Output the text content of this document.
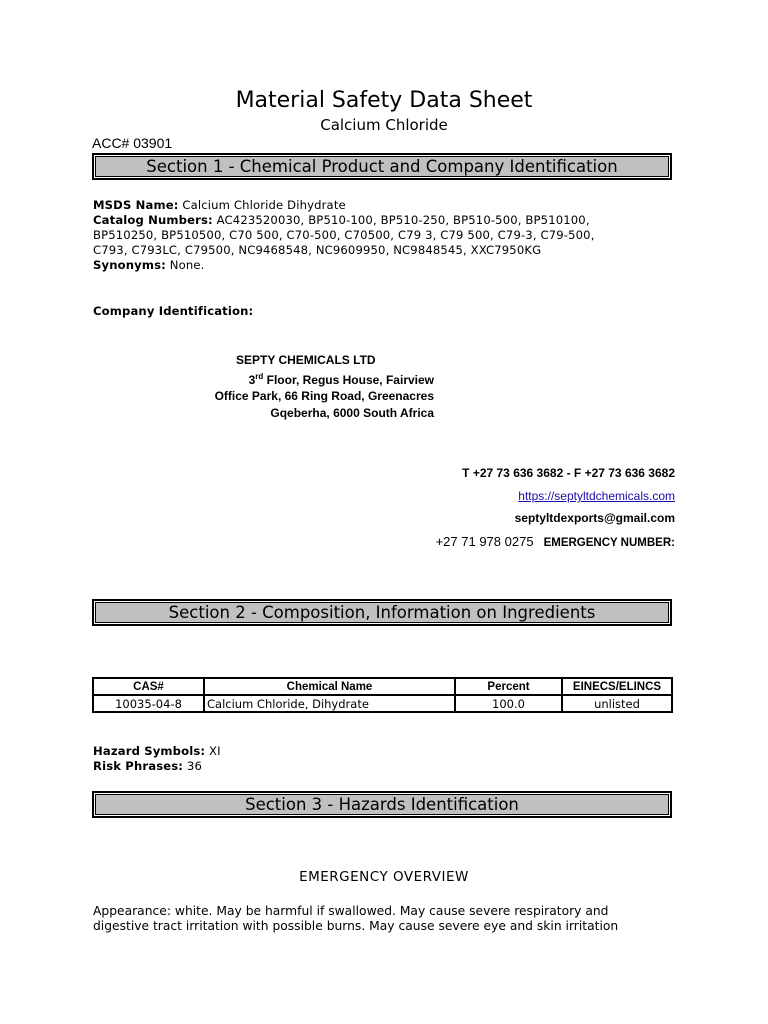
Material Safety Data Sheet
Calcium Chloride
ACC# 03901
Section 1 - Chemical Product and Company Identification
MSDS Name: Calcium Chloride Dihydrate
Catalog Numbers: AC423520030, BP510-100, BP510-250, BP510-500, BP510100,
BP510250, BP510500, C70 500, C70-500, C70500, C79 3, C79 500, C79-3, C79-500,
C793, C793LC, C79500, NC9468548, NC9609950, NC9848545, XXC7950KG
Synonyms: None.
Company Identification:
SEPTY CHEMICALS LTD
3rd Floor, Regus House, Fairview
Office Park, 66 Ring Road, Greenacres
Gqeberha, 6000 South Africa
T +27 73 636 3682 - F +27 73 636 3682
https://septyltdchemicals.com
septyltdexports@gmail.com
+27 71 978 0275 EMERGENCY NUMBER:
Section 2 - Composition, Information on Ingredients
CAS#	Chemical Name	Percent	EINECS/ELINCS
10035-04-8	Calcium Chloride, Dihydrate	100.0	unlisted
Hazard Symbols: XI
Risk Phrases: 36
Section 3 - Hazards Identification
EMERGENCY OVERVIEW
Appearance: white. May be harmful if swallowed. May cause severe respiratory and
digestive tract irritation with possible burns. May cause severe eye and skin irritation
